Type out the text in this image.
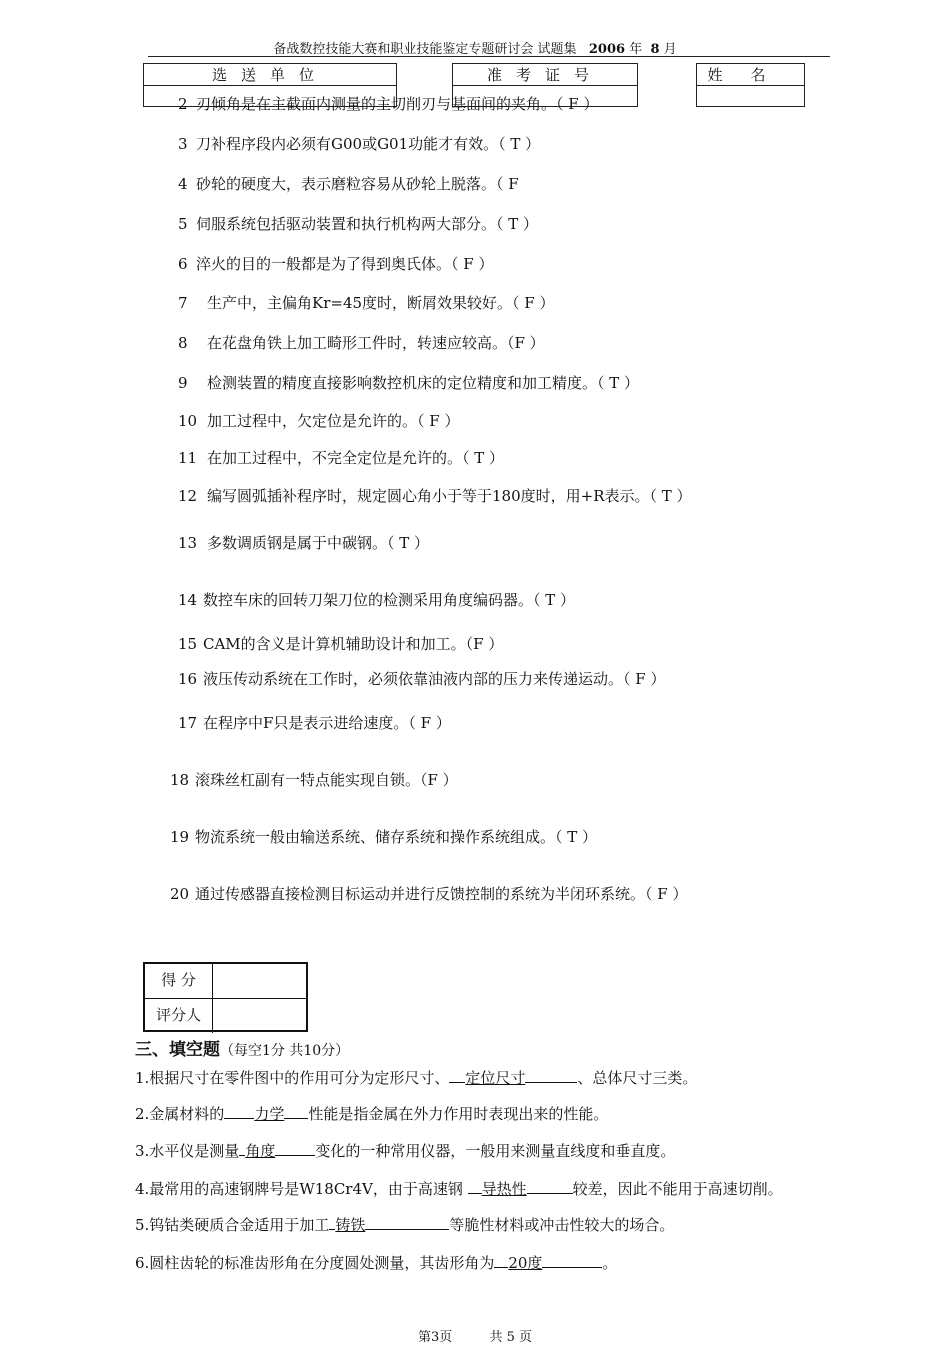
备战数控技能大赛和职业技能鉴定专题研讨会 试题集 2006 年 8 月
选送单位	准考证号	姓名
2 刃倾角是在主截面内测量的主切削刃与基面间的夹角。（ F ）
3 刀补程序段内必须有G00或G01功能才有效。（ T ）
4 砂轮的硬度大，表示磨粒容易从砂轮上脱落。（ F
5 伺服系统包括驱动装置和执行机构两大部分。（ T ）
6 淬火的目的一般都是为了得到奥氏体。（ F ）
7 生产中，主偏角Kr=45度时，断屑效果较好。（ F ）
8 在花盘角铁上加工畸形工件时，转速应较高。（F ）
9 检测装置的精度直接影响数控机床的定位精度和加工精度。（ T ）
10 加工过程中，欠定位是允许的。（ F ）
11 在加工过程中，不完全定位是允许的。（ T ）
12 编写圆弧插补程序时，规定圆心角小于等于180度时，用+R表示。（ T ）
13 多数调质钢是属于中碳钢。（ T ）
14 数控车床的回转刀架刀位的检测采用角度编码器。（ T ）
15 CAM的含义是计算机辅助设计和加工。（F ）
16 液压传动系统在工作时，必须依靠油液内部的压力来传递运动。（ F ）
17 在程序中F只是表示进给速度。（ F ）
18 滚珠丝杠副有一特点能实现自锁。（F ）
19 物流系统一般由输送系统、储存系统和操作系统组成。（ T ）
20 通过传感器直接检测目标运动并进行反馈控制的系统为半闭环系统。（ F ）
得 分
评分人
三、填空题（每空1分 共10分）
1.根据尺寸在零件图中的作用可分为定形尺寸、 定位尺寸	、总体尺寸三类。
2.金属材料的 力学 性能是指金属在外力作用时表现出来的性能。
3.水平仪是测量 角度	变化的一种常用仪器，一般用来测量直线度和垂直度。
4.最常用的高速钢牌号是W18Cr4V，由于高速钢 导热性	较差，因此不能用于高速切削。
5.钨钴类硬质合金适用于加工 铸铁	等脆性材料或冲击性较大的场合。
6.圆柱齿轮的标准齿形角在分度圆处测量，其齿形角为 20度	。
第3页	共 5 页
